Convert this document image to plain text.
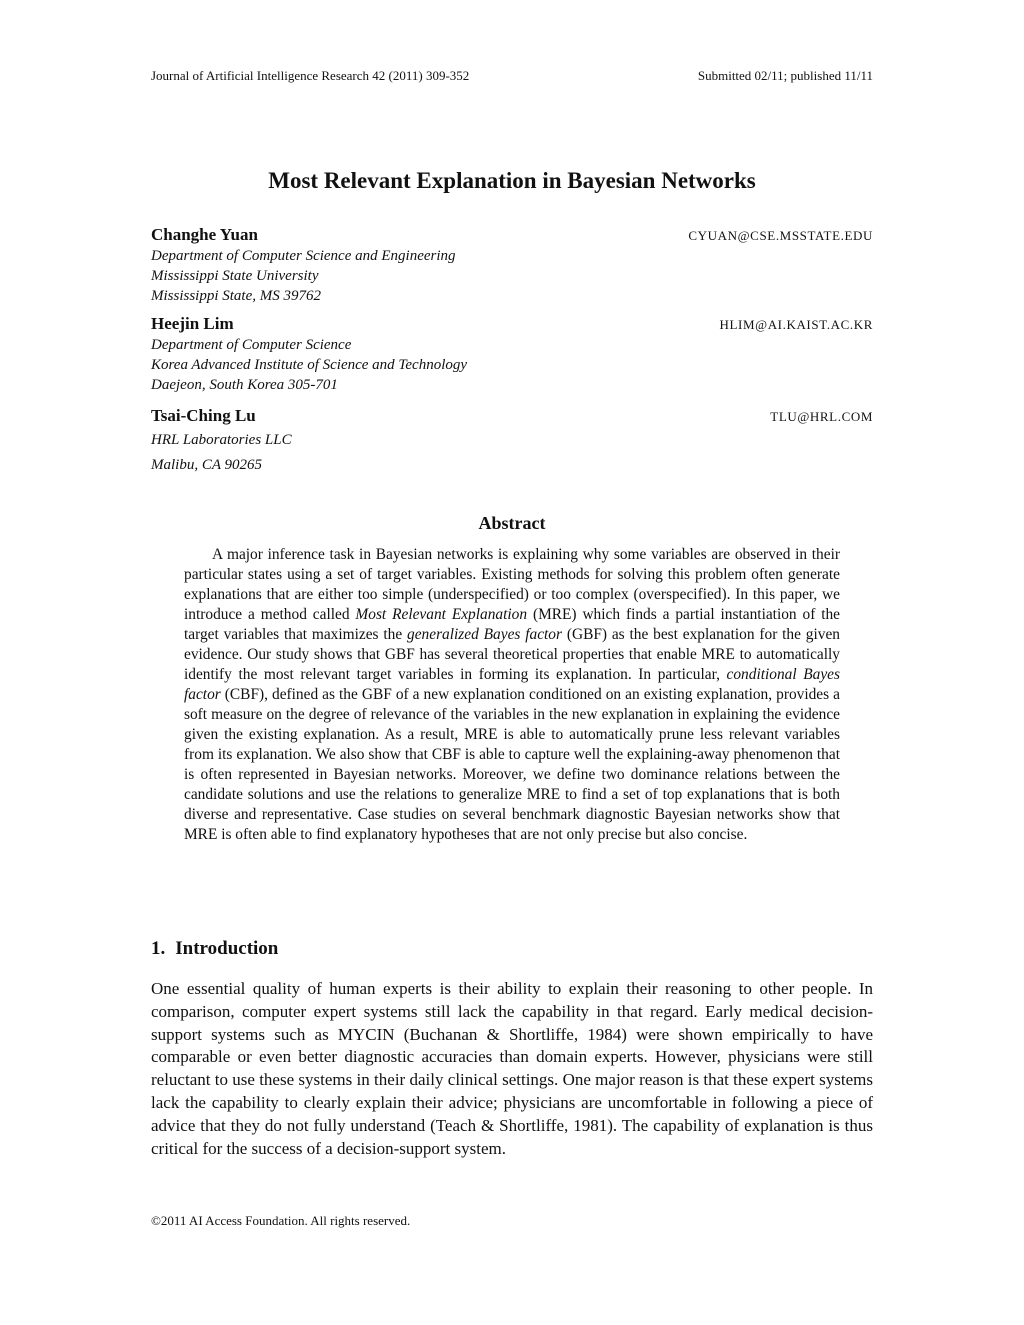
Journal of Artificial Intelligence Research 42 (2011) 309-352	Submitted 02/11; published 11/11
Most Relevant Explanation in Bayesian Networks
Changhe Yuan	CYUAN@CSE.MSSTATE.EDU
Department of Computer Science and Engineering
Mississippi State University
Mississippi State, MS 39762
Heejin Lim	HLIM@AI.KAIST.AC.KR
Department of Computer Science
Korea Advanced Institute of Science and Technology
Daejeon, South Korea 305-701
Tsai-Ching Lu	TLU@HRL.COM
HRL Laboratories LLC
Malibu, CA 90265
Abstract

A major inference task in Bayesian networks is explaining why some variables are observed in their particular states using a set of target variables. Existing methods for solving this problem often generate explanations that are either too simple (underspecified) or too complex (overspecified). In this paper, we introduce a method called Most Relevant Explanation (MRE) which finds a partial instantiation of the target variables that maximizes the generalized Bayes factor (GBF) as the best explanation for the given evidence. Our study shows that GBF has several theoretical properties that enable MRE to automatically identify the most relevant target variables in forming its explanation. In particular, conditional Bayes factor (CBF), defined as the GBF of a new explanation conditioned on an existing explanation, provides a soft measure on the degree of relevance of the variables in the new explanation in explaining the evidence given the existing explanation. As a result, MRE is able to automatically prune less relevant variables from its explanation. We also show that CBF is able to capture well the explaining-away phenomenon that is often represented in Bayesian networks. Moreover, we define two dominance relations between the candidate solutions and use the relations to generalize MRE to find a set of top explanations that is both diverse and representative. Case studies on several benchmark diagnostic Bayesian networks show that MRE is often able to find explanatory hypotheses that are not only precise but also concise.

1. Introduction

One essential quality of human experts is their ability to explain their reasoning to other people. In comparison, computer expert systems still lack the capability in that regard. Early medical decision-support systems such as MYCIN (Buchanan & Shortliffe, 1984) were shown empirically to have comparable or even better diagnostic accuracies than domain experts. However, physicians were still reluctant to use these systems in their daily clinical settings. One major reason is that these expert systems lack the capability to clearly explain their advice; physicians are uncomfortable in following a piece of advice that they do not fully understand (Teach & Shortliffe, 1981). The capability of explanation is thus critical for the success of a decision-support system.

©2011 AI Access Foundation. All rights reserved.
